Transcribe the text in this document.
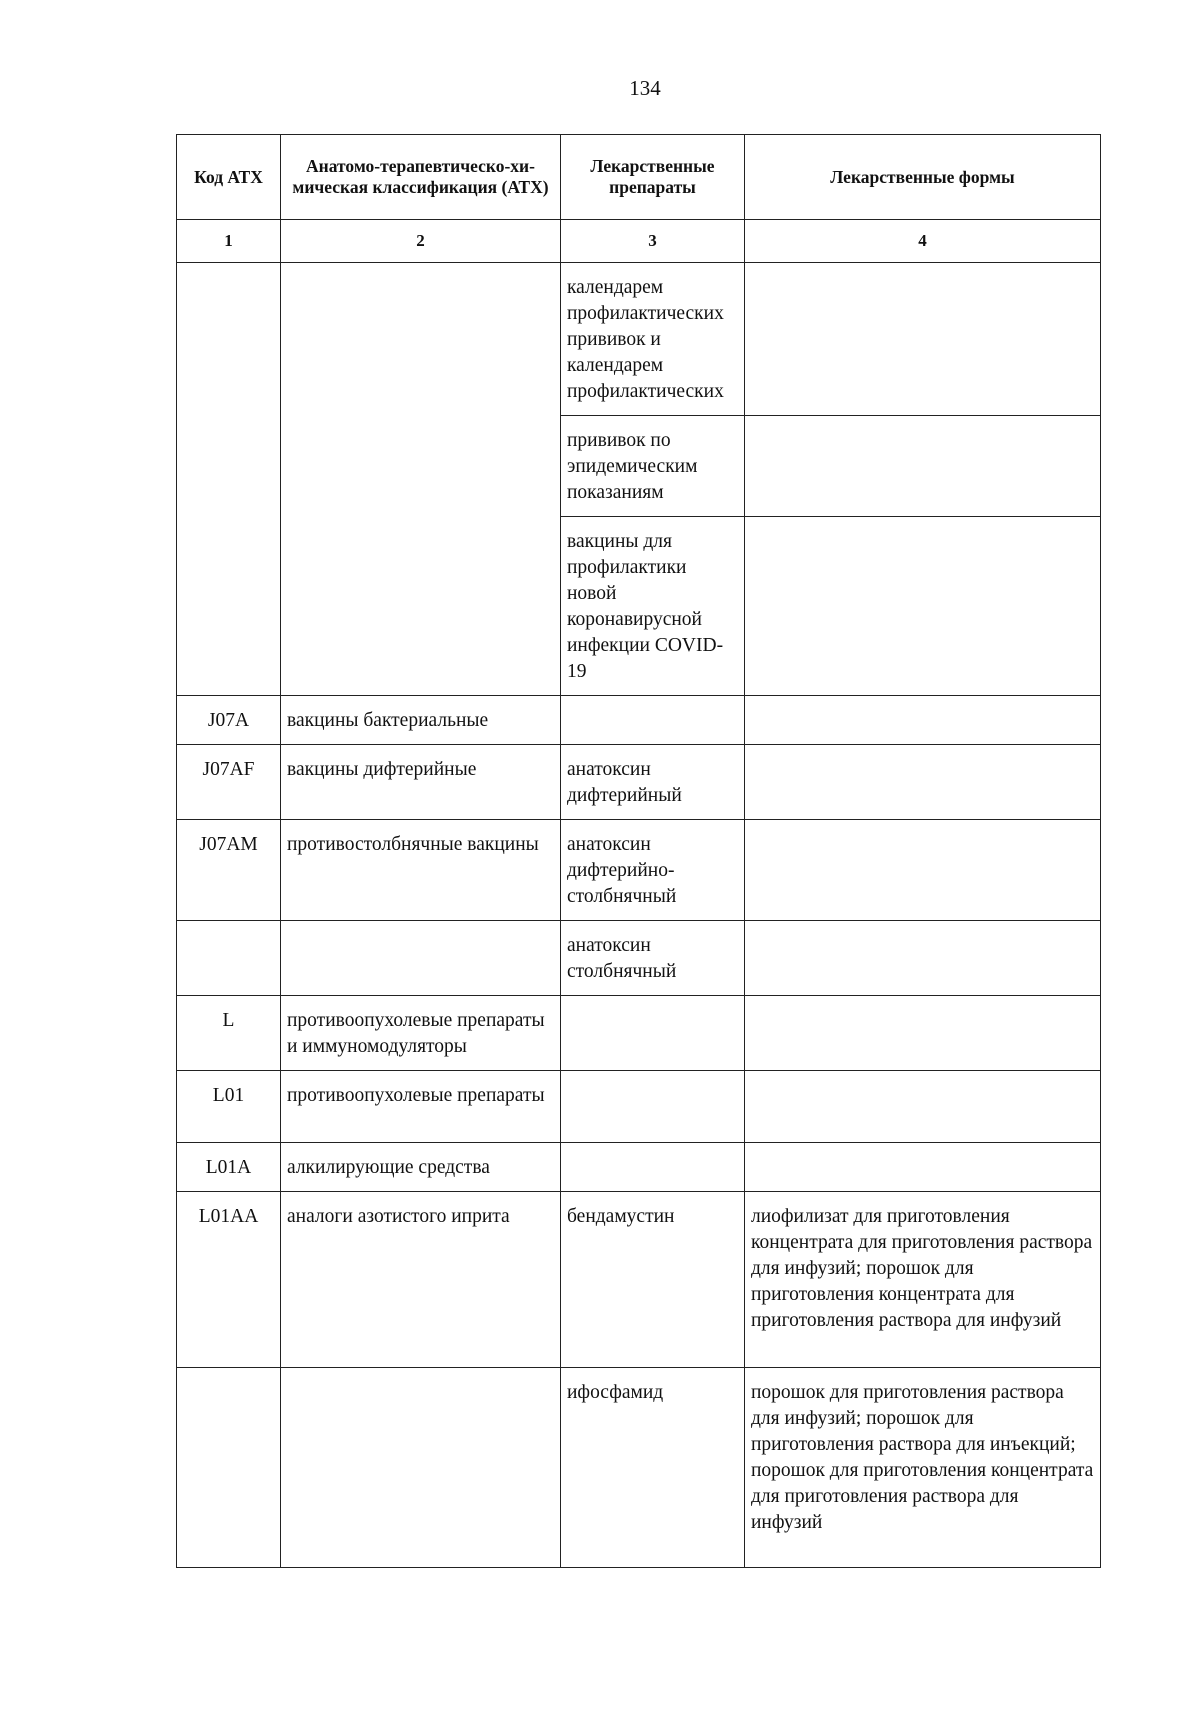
134
Код АТХ	Анатомо-терапевтическо-хи-мическая классификация (АТХ)	Лекарственные препараты	Лекарственные формы
1	2	3	4
		календарем профилактических прививок и календарем профилактических	
		прививок по эпидемическим показаниям	
		вакцины для профилактики новой коронавирусной инфекции COVID-19	
J07A	вакцины бактериальные		
J07AF	вакцины дифтерийные	анатоксин дифтерийный	
J07AM	противостолбнячные вакцины	анатоксин дифтерийно-столбнячный	
		анатоксин столбнячный	
L	противоопухолевые препараты и иммуномодуляторы		
L01	противоопухолевые препараты		
L01A	алкилирующие средства		
L01AA	аналоги азотистого иприта	бендамустин	лиофилизат для приготовления концентрата для приготовления раствора для инфузий; порошок для приготовления концентрата для приготовления раствора для инфузий
		ифосфамид	порошок для приготовления раствора для инфузий; порошок для приготовления раствора для инъекций; порошок для приготовления концентрата для приготовления раствора для инфузий
